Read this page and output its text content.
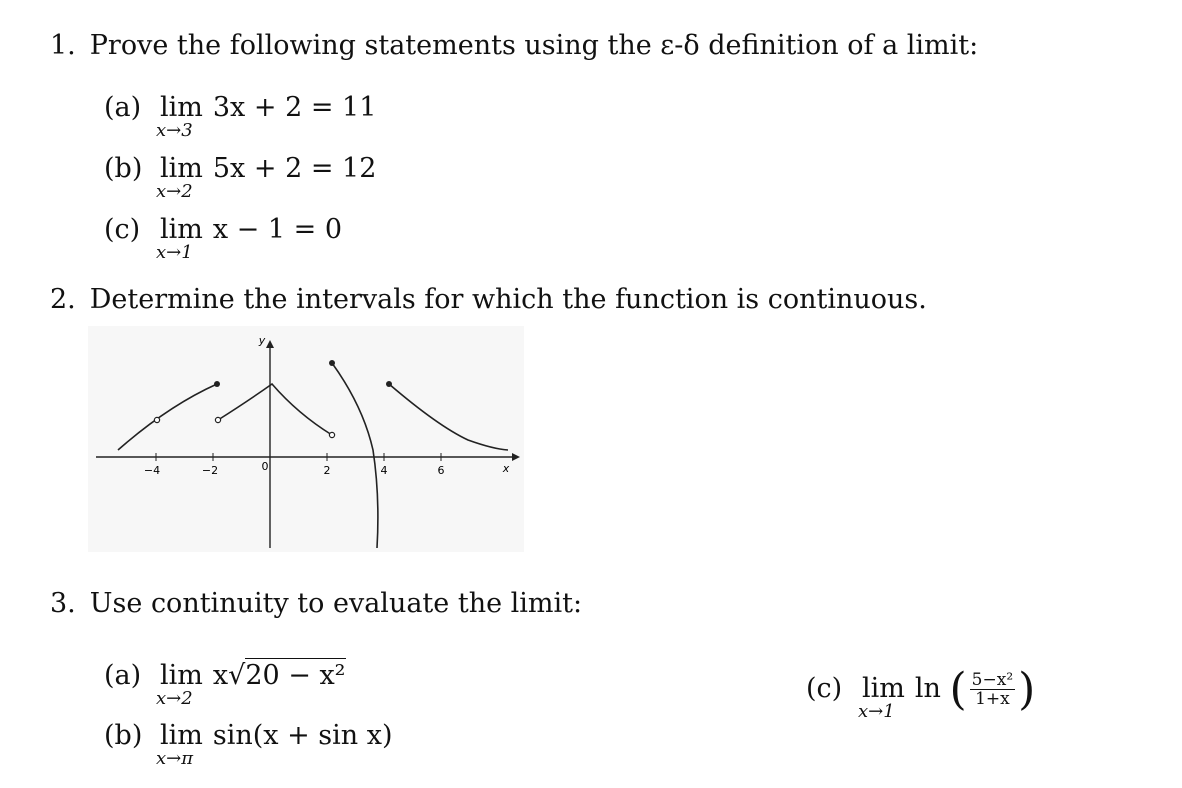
1. Prove the following statements using the ε-δ definition of a limit:
(a) lim
x→3
3x + 2 = 11
(b) lim
x→2
5x + 2 = 12
(c) lim
x→1
x − 1 = 0
2. Determine the intervals for which the function is continuous.
−4	−2	0	2	4	6	x
y
3. Use continuity to evaluate the limit:
(a) lim
x→2
x√20 − x²
(b) lim
x→π
sin(x + sin x)
(c) lim
x→1
ln ( $\frac{\text{5−x²}}{1+x}$ )
